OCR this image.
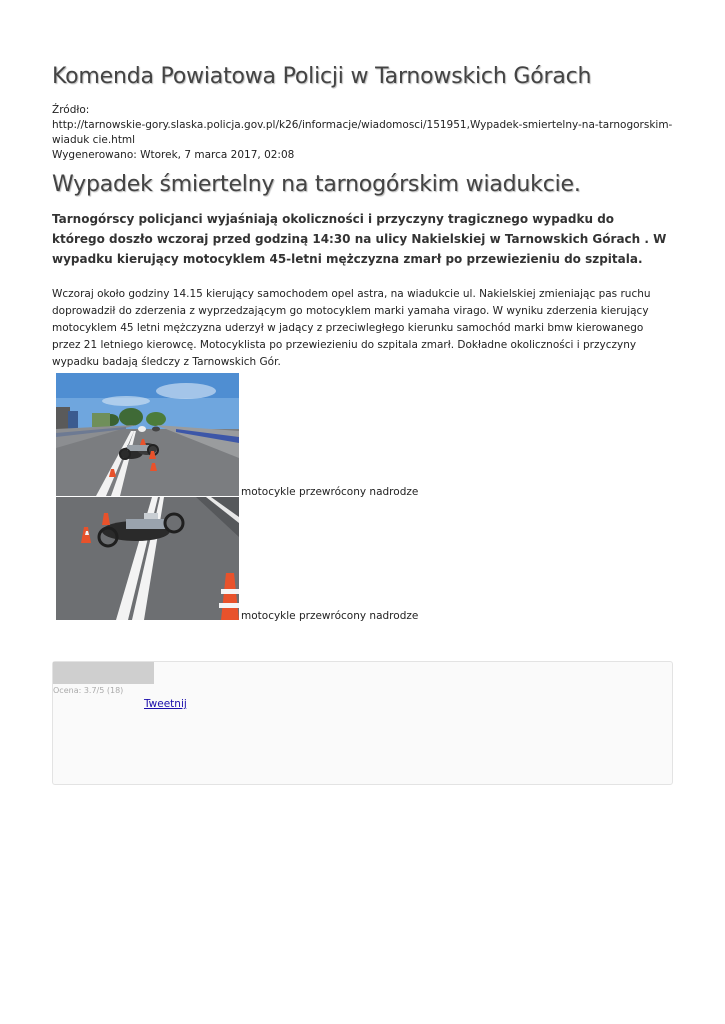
Komenda Powiatowa Policji w Tarnowskich Górach
Źródło:
http://tarnowskie-gory.slaska.policja.gov.pl/k26/informacje/wiadomosci/151951,Wypadek-smiertelny-na-tarnogorskim-wiaduk cie.html
Wygenerowano: Wtorek, 7 marca 2017, 02:08
Wypadek śmiertelny na tarnogórskim wiadukcie.
Tarnogórscy policjanci wyjaśniają okoliczności i przyczyny tragicznego wypadku do którego doszło wczoraj przed godziną 14:30 na ulicy Nakielskiej w Tarnowskich Górach . W wypadku kierujący motocyklem 45-letni mężczyzna zmarł po przewiezieniu do szpitala.
Wczoraj około godziny 14.15 kierujący samochodem opel astra, na wiadukcie ul. Nakielskiej zmieniając pas ruchu doprowadził do zderzenia z wyprzedzającym go motocyklem marki yamaha virago. W wyniku zderzenia kierujący motocyklem 45 letni mężczyzna uderzył w jadący z przeciwległego kierunku samochód marki bmw kierowanego przez 21 letniego kierowcę. Motocyklista po przewiezieniu do szpitala zmarł. Dokładne okoliczności i przyczyny wypadku badają śledczy z Tarnowskich Gór.
motocykle przewrócony nadrodze
motocykle przewrócony nadrodze
Ocena: 3.7/5 (18)
Tweetnij
